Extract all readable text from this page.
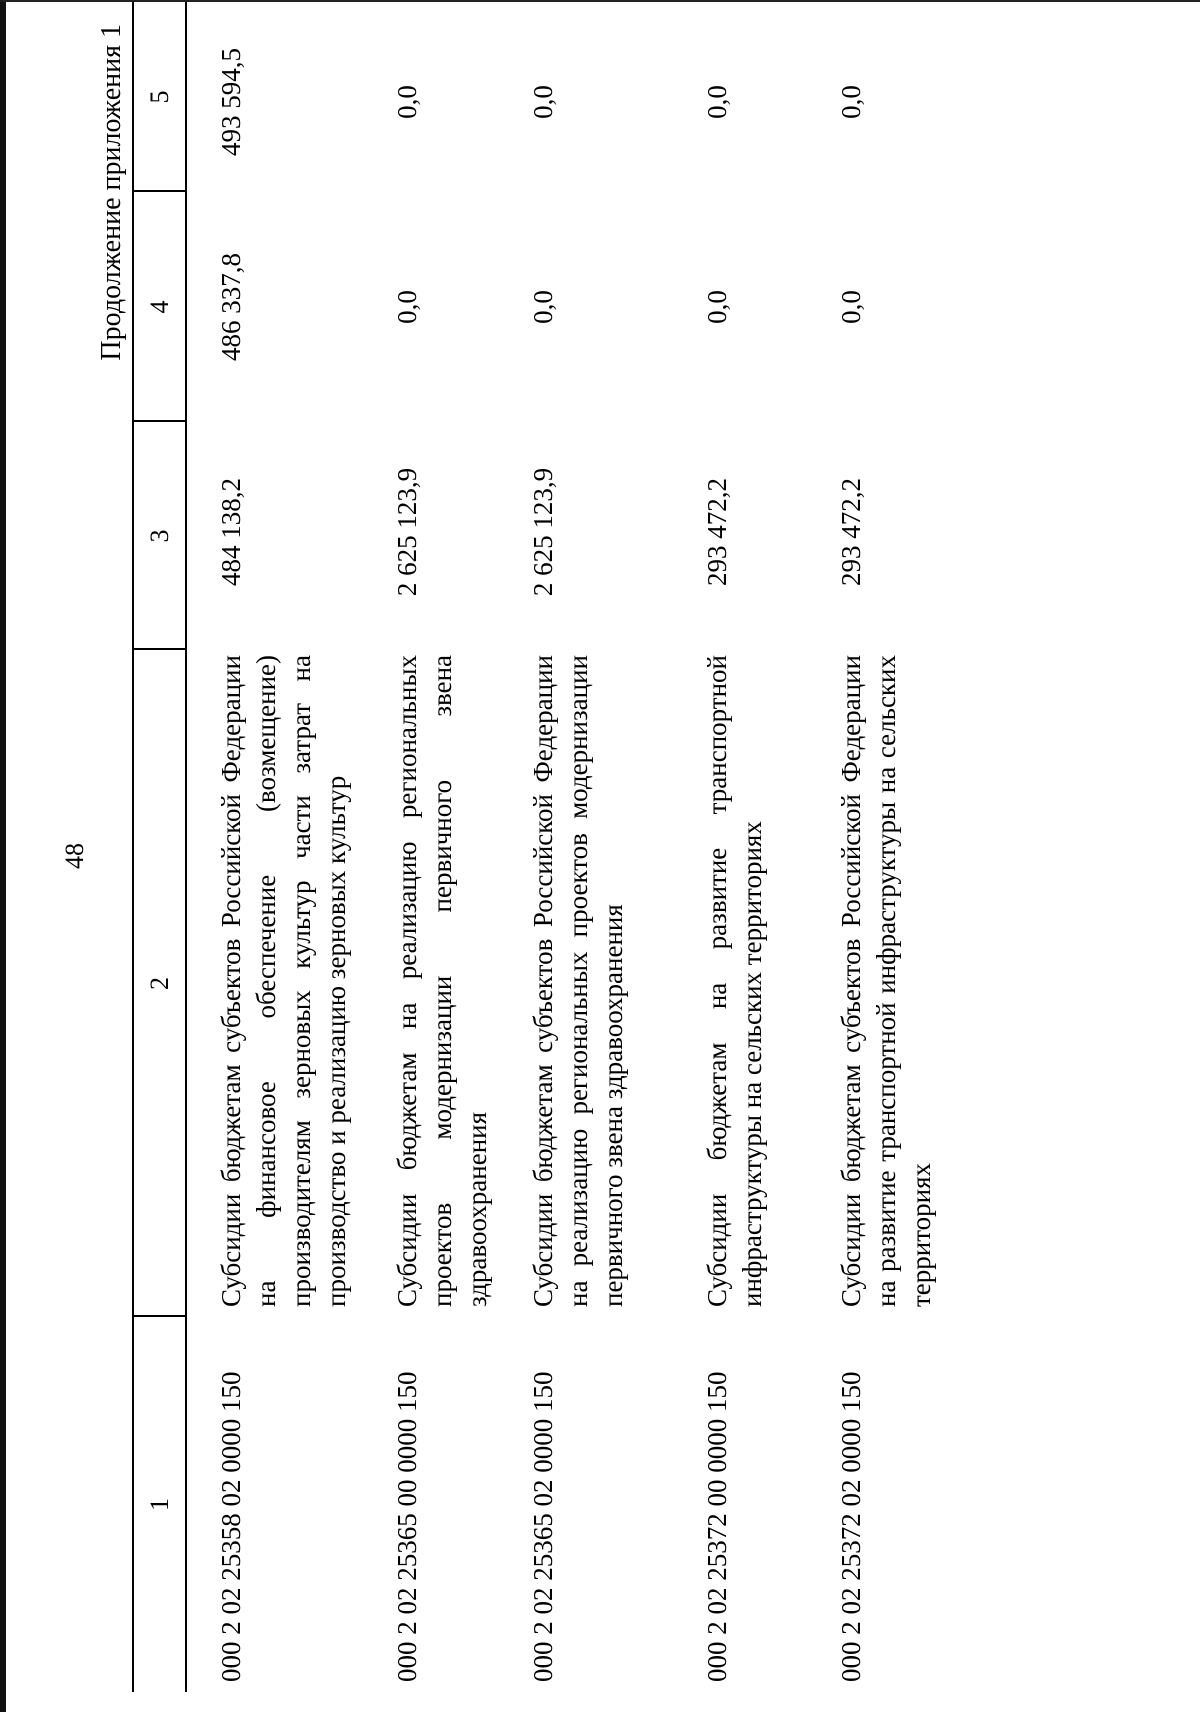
48
Продолжение приложения 1
1
2
3
4
5
000 2 02 25358 02 0000 150
Субсидии бюджетам субъектов Российской Федерации на финансовое обеспечение (возмещение) производителям зерновых культур части затрат на производство и реализацию зерновых культур
484 138,2
486 337,8
493 594,5
000 2 02 25365 00 0000 150
Субсидии бюджетам на реализацию региональных проектов модернизации первичного звена здравоохранения
2 625 123,9
0,0
0,0
000 2 02 25365 02 0000 150
Субсидии бюджетам субъектов Российской Федерации на реализацию региональных проектов модернизации первичного звена здравоохранения
2 625 123,9
0,0
0,0
000 2 02 25372 00 0000 150
Субсидии бюджетам на развитие транспортной инфраструктуры на сельских территориях
293 472,2
0,0
0,0
000 2 02 25372 02 0000 150
Субсидии бюджетам субъектов Российской Федерации на развитие транспортной инфраструктуры на сельских территориях
293 472,2
0,0
0,0
